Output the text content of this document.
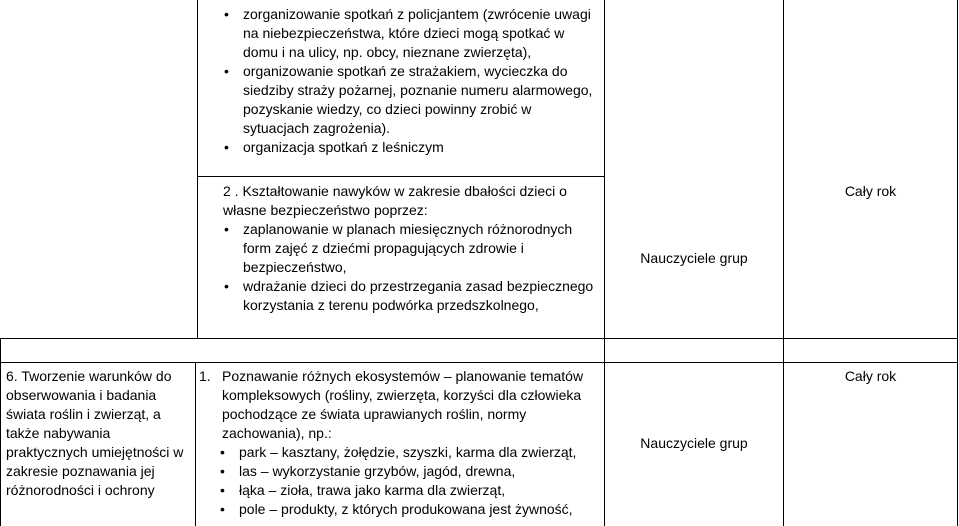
• zorganizowanie spotkań z policjantem (zwrócenie uwagi na niebezpieczeństwa, które dzieci mogą spotkać w domu i na ulicy, np. obcy, nieznane zwierzęta),
• organizowanie spotkań ze strażakiem, wycieczka do siedziby straży pożarnej, poznanie numeru alarmowego, pozyskanie wiedzy, co dzieci powinny zrobić w sytuacjach zagrożenia).
• organizacja spotkań z leśniczym

2 . Kształtowanie nawyków w zakresie dbałości dzieci o własne bezpieczeństwo poprzez:

• zaplanowanie w planach miesięcznych różnorodnych form zajęć z dziećmi propagujących zdrowie i bezpieczeństwo,
• wdrażanie dzieci do przestrzegania zasad bezpiecznego korzystania z terenu podwórka przedszkolnego,
Nauczyciele grup
Cały rok
6. Tworzenie warunków do obserwowania i badania świata roślin i zwierząt, a także nabywania praktycznych umiejętności w zakresie poznawania jej różnorodności i ochrony
1. Poznawanie różnych ekosystemów – planowanie tematów kompleksowych (rośliny, zwierzęta, korzyści dla człowieka pochodzące ze świata uprawianych roślin, normy zachowania), np.:
• park – kasztany, żołędzie, szyszki, karma dla zwierząt,
• las – wykorzystanie grzybów, jagód, drewna,
• łąka – zioła, trawa jako karma dla zwierząt,
• pole – produkty, z których produkowana jest żywność,
Nauczyciele grup
Cały rok
